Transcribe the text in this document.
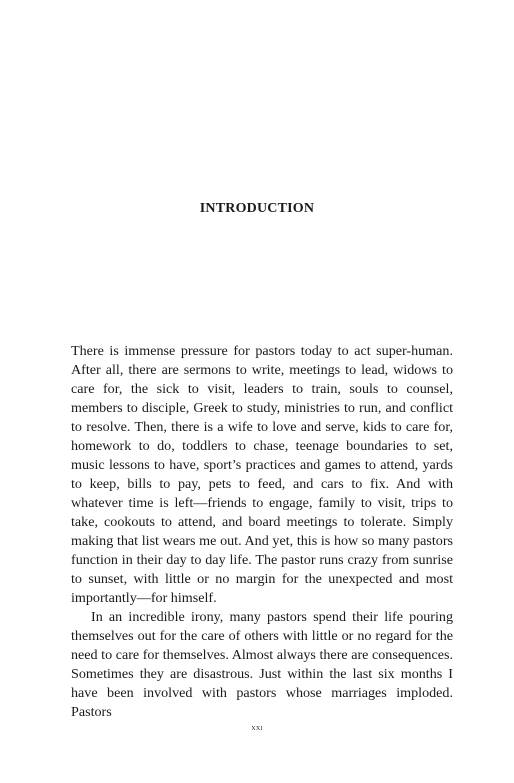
INTRODUCTION

There is immense pressure for pastors today to act super-human. After all, there are sermons to write, meetings to lead, widows to care for, the sick to visit, leaders to train, souls to counsel, members to disciple, Greek to study, ministries to run, and conflict to resolve. Then, there is a wife to love and serve, kids to care for, homework to do, toddlers to chase, teenage boundaries to set, music lessons to have, sport’s practices and games to attend, yards to keep, bills to pay, pets to feed, and cars to fix. And with whatever time is left—friends to engage, family to visit, trips to take, cookouts to attend, and board meetings to tolerate. Simply making that list wears me out. And yet, this is how so many pastors function in their day to day life. The pastor runs crazy from sunrise to sunset, with little or no margin for the unexpected and most importantly—for himself.

In an incredible irony, many pastors spend their life pouring themselves out for the care of others with little or no regard for the need to care for themselves. Almost always there are consequences. Sometimes they are disastrous. Just within the last six months I have been involved with pastors whose marriages imploded. Pastors

xxi
